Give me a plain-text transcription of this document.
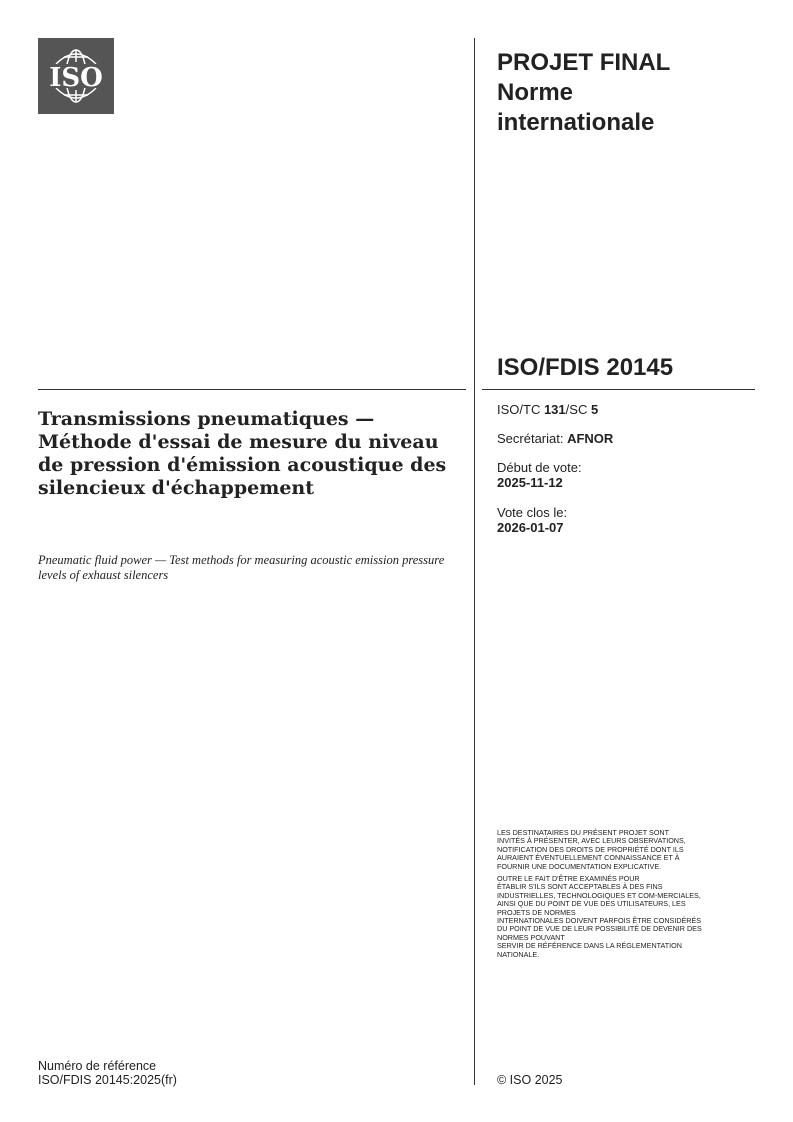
ISO
PROJET FINAL
Norme
internationale
ISO/FDIS 20145
Transmissions pneumatiques — Méthode d'essai de mesure du niveau de pression d'émission acoustique des silencieux d'échappement
Pneumatic fluid power — Test methods for measuring acoustic emission pressure levels of exhaust silencers
ISO/TC 131/SC 5
Secrétariat: AFNOR
Début de vote:
2025-11-12
Vote clos le:
2026-01-07

LES DESTINATAIRES DU PRÉSENT PROJET SONT
INVITÉS À PRÉSENTER, AVEC LEURS OBSERVATIONS,
NOTIFICATION DES DROITS DE PROPRIÉTÉ DONT ILS
AURAIENT ÉVENTUELLEMENT CONNAISSANCE ET À
FOURNIR UNE DOCUMENTATION EXPLICATIVE.

OUTRE LE FAIT D'ÊTRE EXAMINÉS POUR
ÉTABLIR S'ILS SONT ACCEPTABLES À DES FINS
INDUSTRIELLES, TECHNOLOGIQUES ET COM-MERCIALES,
AINSI QUE DU POINT DE VUE DES UTILISATEURS, LES
PROJETS DE NORMES
INTERNATIONALES DOIVENT PARFOIS ÊTRE CONSIDÉRÉS
DU POINT DE VUE DE LEUR POSSIBILITÉ DE DEVENIR DES
NORMES POUVANT
SERVIR DE RÉFÉRENCE DANS LA RÉGLEMENTATION
NATIONALE.

Numéro de référence
ISO/FDIS 20145:2025(fr)	© ISO 2025
